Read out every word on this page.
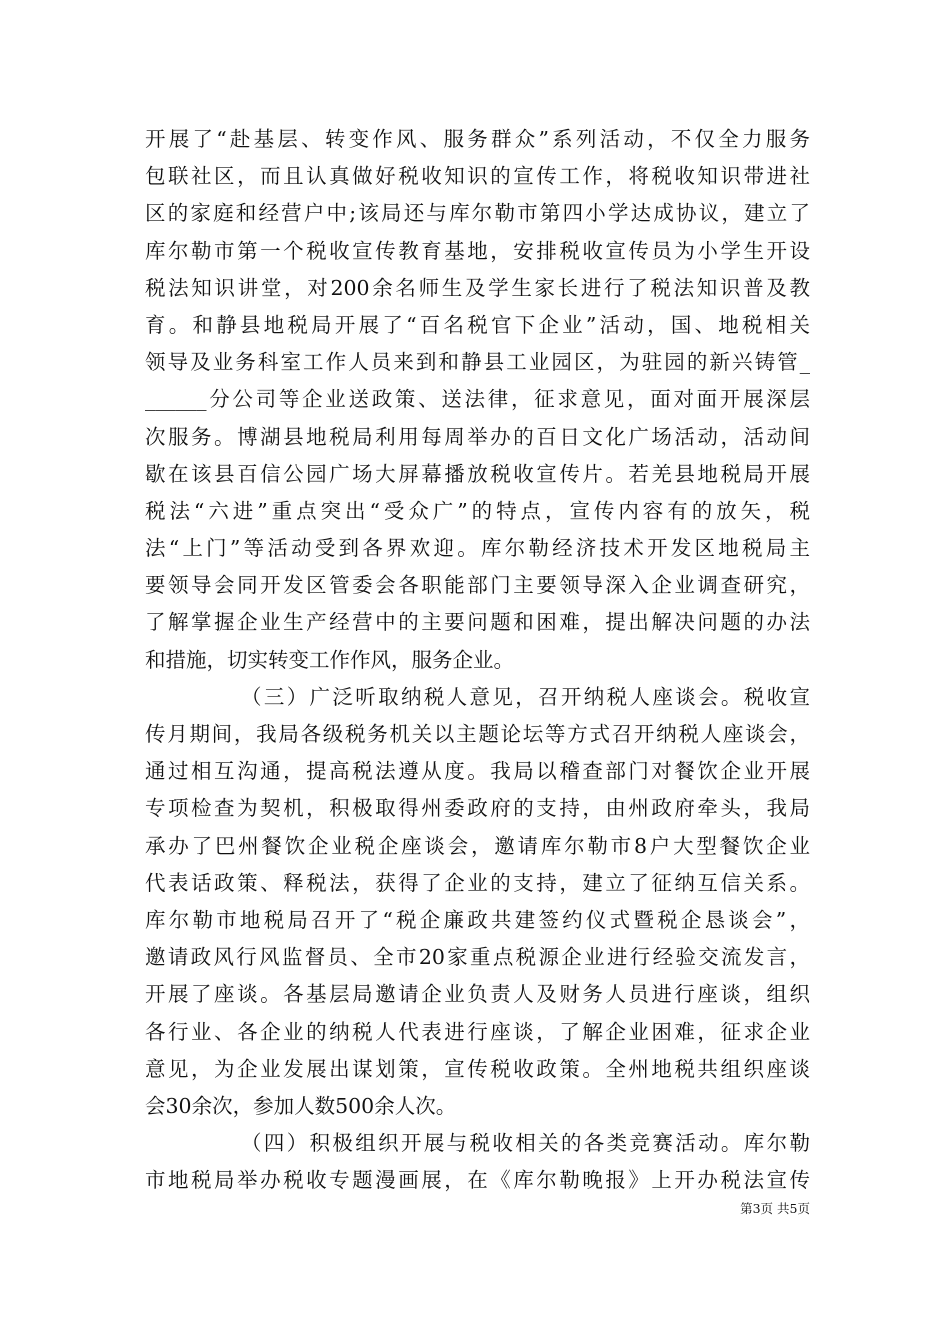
开展了“赴基层、转变作风、服务群众”系列活动，不仅全力服务
包联社区，而且认真做好税收知识的宣传工作，将税收知识带进社
区的家庭和经营户中;该局还与库尔勒市第四小学达成协议，建立了
库尔勒市第一个税收宣传教育基地，安排税收宣传员为小学生开设
税法知识讲堂，对200余名师生及学生家长进行了税法知识普及教
育。和静县地税局开展了“百名税官下企业”活动，国、地税相关
领导及业务科室工作人员来到和静县工业园区，为驻园的新兴铸管_
______分公司等企业送政策、送法律，征求意见，面对面开展深层
次服务。博湖县地税局利用每周举办的百日文化广场活动，活动间
歇在该县百信公园广场大屏幕播放税收宣传片。若羌县地税局开展
税法“六进”重点突出“受众广”的特点，宣传内容有的放矢，税
法“上门”等活动受到各界欢迎。库尔勒经济技术开发区地税局主
要领导会同开发区管委会各职能部门主要领导深入企业调查研究，
了解掌握企业生产经营中的主要问题和困难，提出解决问题的办法
和措施，切实转变工作作风，服务企业。
（三）广泛听取纳税人意见，召开纳税人座谈会。税收宣
传月期间，我局各级税务机关以主题论坛等方式召开纳税人座谈会，
通过相互沟通，提高税法遵从度。我局以稽查部门对餐饮企业开展
专项检查为契机，积极取得州委政府的支持，由州政府牵头，我局
承办了巴州餐饮企业税企座谈会，邀请库尔勒市8户大型餐饮企业
代表话政策、释税法，获得了企业的支持，建立了征纳互信关系。
库尔勒市地税局召开了“税企廉政共建签约仪式暨税企恳谈会”，
邀请政风行风监督员、全市20家重点税源企业进行经验交流发言，
开展了座谈。各基层局邀请企业负责人及财务人员进行座谈，组织
各行业、各企业的纳税人代表进行座谈，了解企业困难，征求企业
意见，为企业发展出谋划策，宣传税收政策。全州地税共组织座谈
会30余次，参加人数500余人次。
（四）积极组织开展与税收相关的各类竞赛活动。库尔勒
市地税局举办税收专题漫画展，在《库尔勒晚报》上开办税法宣传
第3页 共5页
